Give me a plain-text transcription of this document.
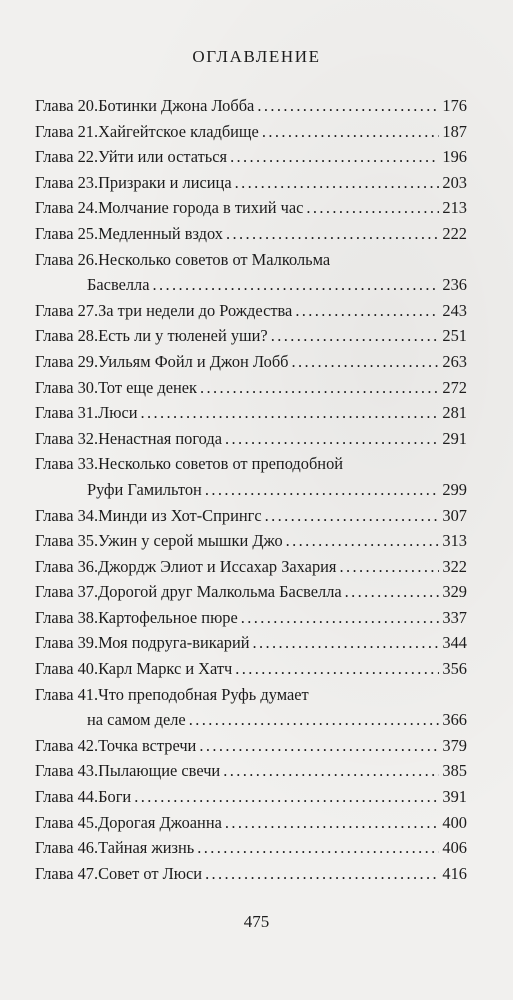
ОГЛАВЛЕНИЕ
Глава 20. Ботинки Джона Лобба .....	176
Глава 21. Хайгейтское кладбище .....	187
Глава 22. Уйти или остаться .....	196
Глава 23. Призраки и лисица .....	203
Глава 24. Молчание города в тихий час .....	213
Глава 25. Медленный вздох .....	222
Глава 26. Несколько советов от Малкольма
Басвелла .....	236
Глава 27. За три недели до Рождества .....	243
Глава 28. Есть ли у тюленей уши? .....	251
Глава 29. Уильям Фойл и Джон Лобб .....	263
Глава 30. Тот еще денек .....	272
Глава 31. Люси .....	281
Глава 32. Ненастная погода .....	291
Глава 33. Несколько советов от преподобной
Руфи Гамильтон .....	299
Глава 34. Минди из Хот-Спрингс .....	307
Глава 35. Ужин у серой мышки Джо .....	313
Глава 36. Джордж Элиот и Иссахар Захария .....	322
Глава 37. Дорогой друг Малкольма Басвелла .....	329
Глава 38. Картофельное пюре .....	337
Глава 39. Моя подруга-викарий .....	344
Глава 40. Карл Маркс и Хатч .....	356
Глава 41. Что преподобная Руфь думает
на самом деле .....	366
Глава 42. Точка встречи .....	379
Глава 43. Пылающие свечи .....	385
Глава 44. Боги .....	391
Глава 45. Дорогая Джоанна .....	400
Глава 46. Тайная жизнь .....	406
Глава 47. Совет от Люси .....	416
475
